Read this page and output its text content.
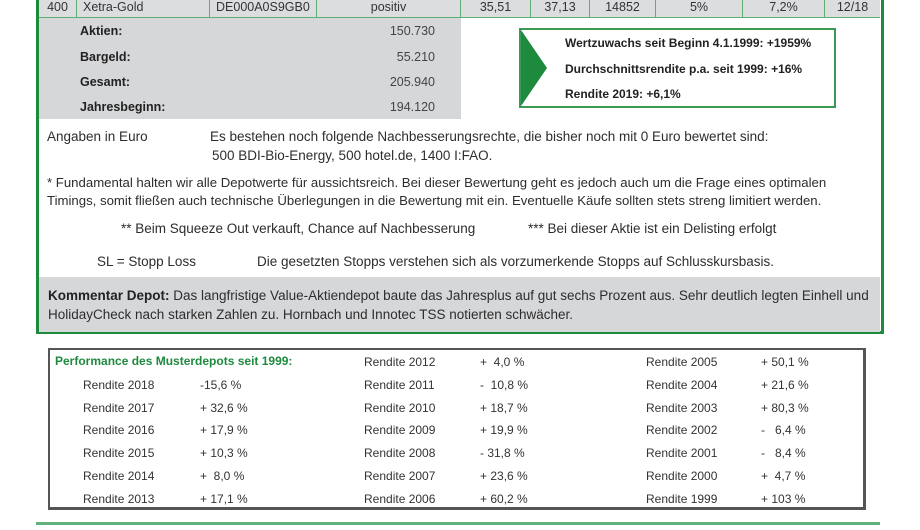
400	Xetra-Gold	DE000A0S9GB0	positiv	35,51	37,13	14852	5%	7,2%	12/18
Aktien:	150.730
Bargeld:	55.210
Gesamt:	205.940
Jahresbeginn:	194.120
Wertzuwachs seit Beginn 4.1.1999: +1959%
Durchschnittsrendite p.a. seit 1999: +16%
Rendite 2019: +6,1%
Angaben in Euro	Es bestehen noch folgende Nachbesserungsrechte, die bisher noch mit 0 Euro bewertet sind:
500 BDI-Bio-Energy, 500 hotel.de, 1400 I:FAO.
* Fundamental halten wir alle Depotwerte für aussichtsreich. Bei dieser Bewertung geht es jedoch auch um die Frage eines optimalen
Timings, somit fließen auch technische Überlegungen in die Bewertung mit ein. Eventuelle Käufe sollten stets streng limitiert werden.
** Beim Squeeze Out verkauft, Chance auf Nachbesserung	*** Bei dieser Aktie ist ein Delisting erfolgt
SL = Stopp Loss	Die gesetzten Stopps verstehen sich als vorzumerkende Stopps auf Schlusskursbasis.

Kommentar Depot: Das langfristige Value-Aktiendepot baute das Jahresplus auf gut sechs Prozent aus. Sehr deutlich legten Einhell und HolidayCheck nach starken Zahlen zu. Hornbach und Innotec TSS notierten schwächer.

Performance des Musterdepots seit 1999:
Rendite 2018	-15,6 %
Rendite 2017	+ 32,6 %
Rendite 2016	+ 17,9 %
Rendite 2015	+ 10,3 %
Rendite 2014	+  8,0 %
Rendite 2013	+ 17,1 %
Rendite 2012	+  4,0 %
Rendite 2011	-  10,8 %
Rendite 2010	+ 18,7 %
Rendite 2009	+ 19,9 %
Rendite 2008	- 31,8 %
Rendite 2007	+ 23,6 %
Rendite 2006	+ 60,2 %
Rendite 2005	+ 50,1 %
Rendite 2004	+ 21,6 %
Rendite 2003	+ 80,3 %
Rendite 2002	-   6,4 %
Rendite 2001	-   8,4 %
Rendite 2000	+  4,7 %
Rendite 1999	+ 103 %
